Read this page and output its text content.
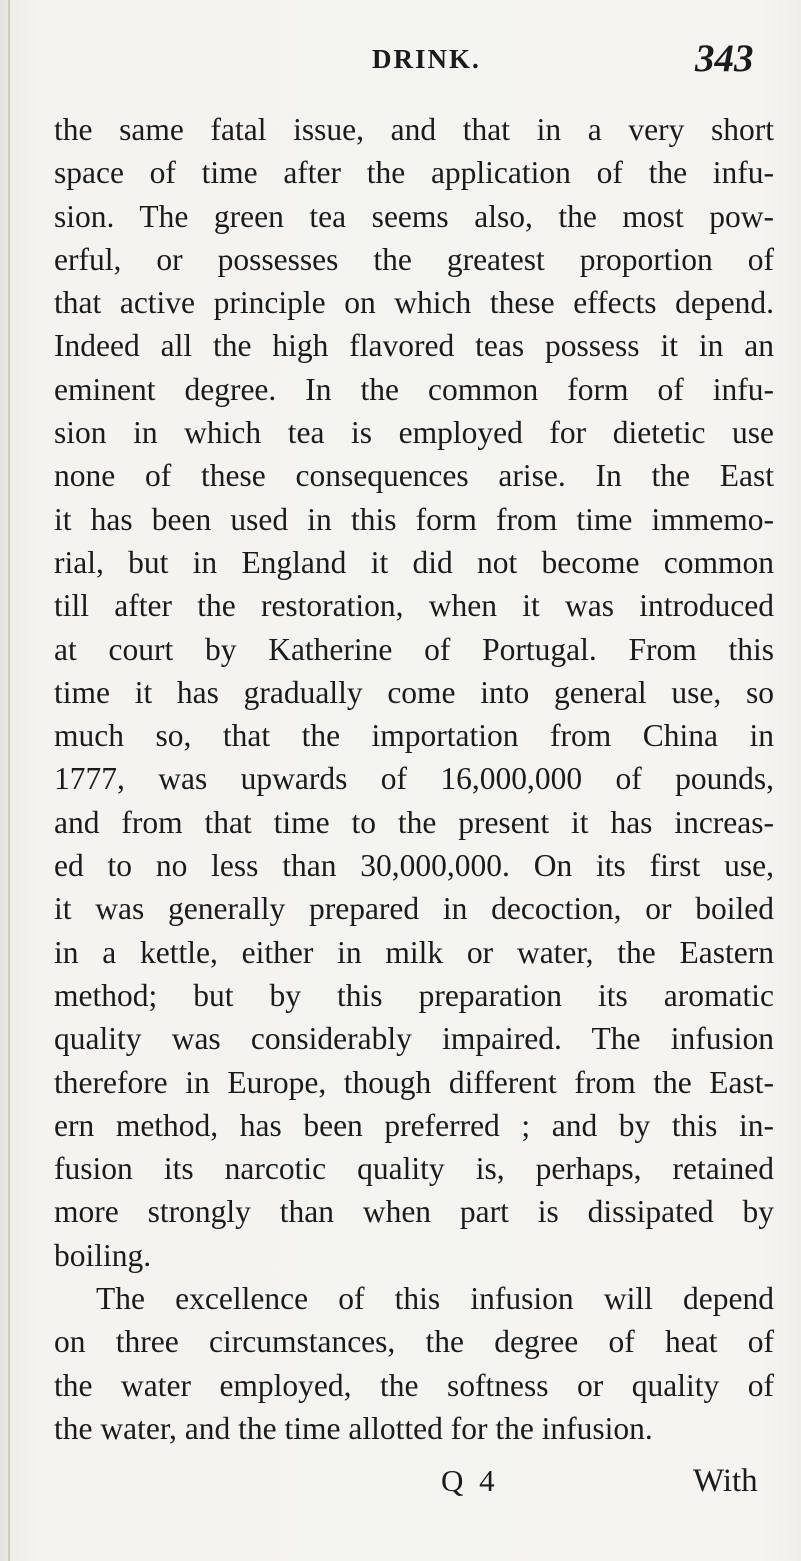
DRINK.	343
the same fatal issue, and that in a very short
space of time after the application of the infu-
sion. The green tea seems also, the most pow-
erful, or possesses the greatest proportion of
that active principle on which these effects depend.
Indeed all the high flavored teas possess it in an
eminent degree. In the common form of infu-
sion in which tea is employed for dietetic use
none of these consequences arise. In the East
it has been used in this form from time immemo-
rial, but in England it did not become common
till after the restoration, when it was introduced
at court by Katherine of Portugal. From this
time it has gradually come into general use, so
much so, that the importation from China in
1777, was upwards of 16,000,000 of pounds,
and from that time to the present it has increas-
ed to no less than 30,000,000. On its first use,
it was generally prepared in decoction, or boiled
in a kettle, either in milk or water, the Eastern
method; but by this preparation its aromatic
quality was considerably impaired. The infusion
therefore in Europe, though different from the East-
ern method, has been preferred ; and by this in-
fusion its narcotic quality is, perhaps, retained
more strongly than when part is dissipated by
boiling.
The excellence of this infusion will depend
on three circumstances, the degree of heat of
the water employed, the softness or quality of
the water, and the time allotted for the infusion.
Q 4	With
